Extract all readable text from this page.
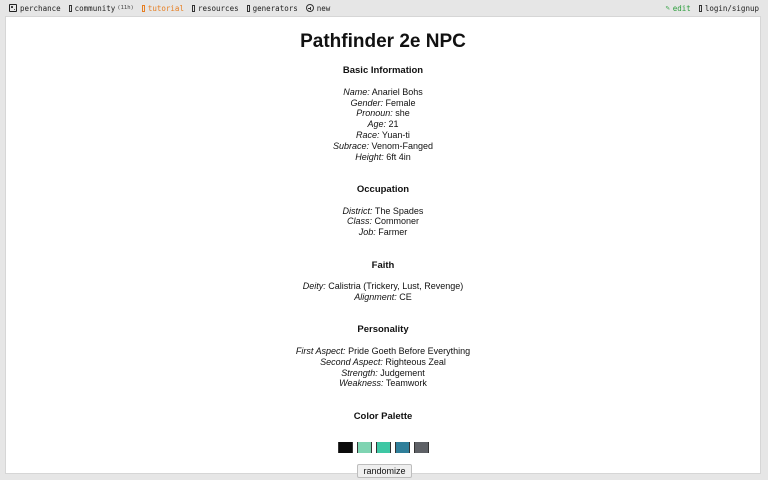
perchance community (11h) tutorial resources generators	new	✎ edit login/signup
Pathfinder 2e NPC
Basic Information
Name: Anariel Bohs
Gender: Female
Pronoun: she
Age: 21
Race: Yuan-ti
Subrace: Venom-Fanged
Height: 6ft 4in
Occupation
District: The Spades
Class: Commoner
Job: Farmer
Faith
Deity: Calistria (Trickery, Lust, Revenge)
Alignment: CE
Personality
First Aspect: Pride Goeth Before Everything
Second Aspect: Righteous Zeal
Strength: Judgement
Weakness: Teamwork
Color Palette
randomize
